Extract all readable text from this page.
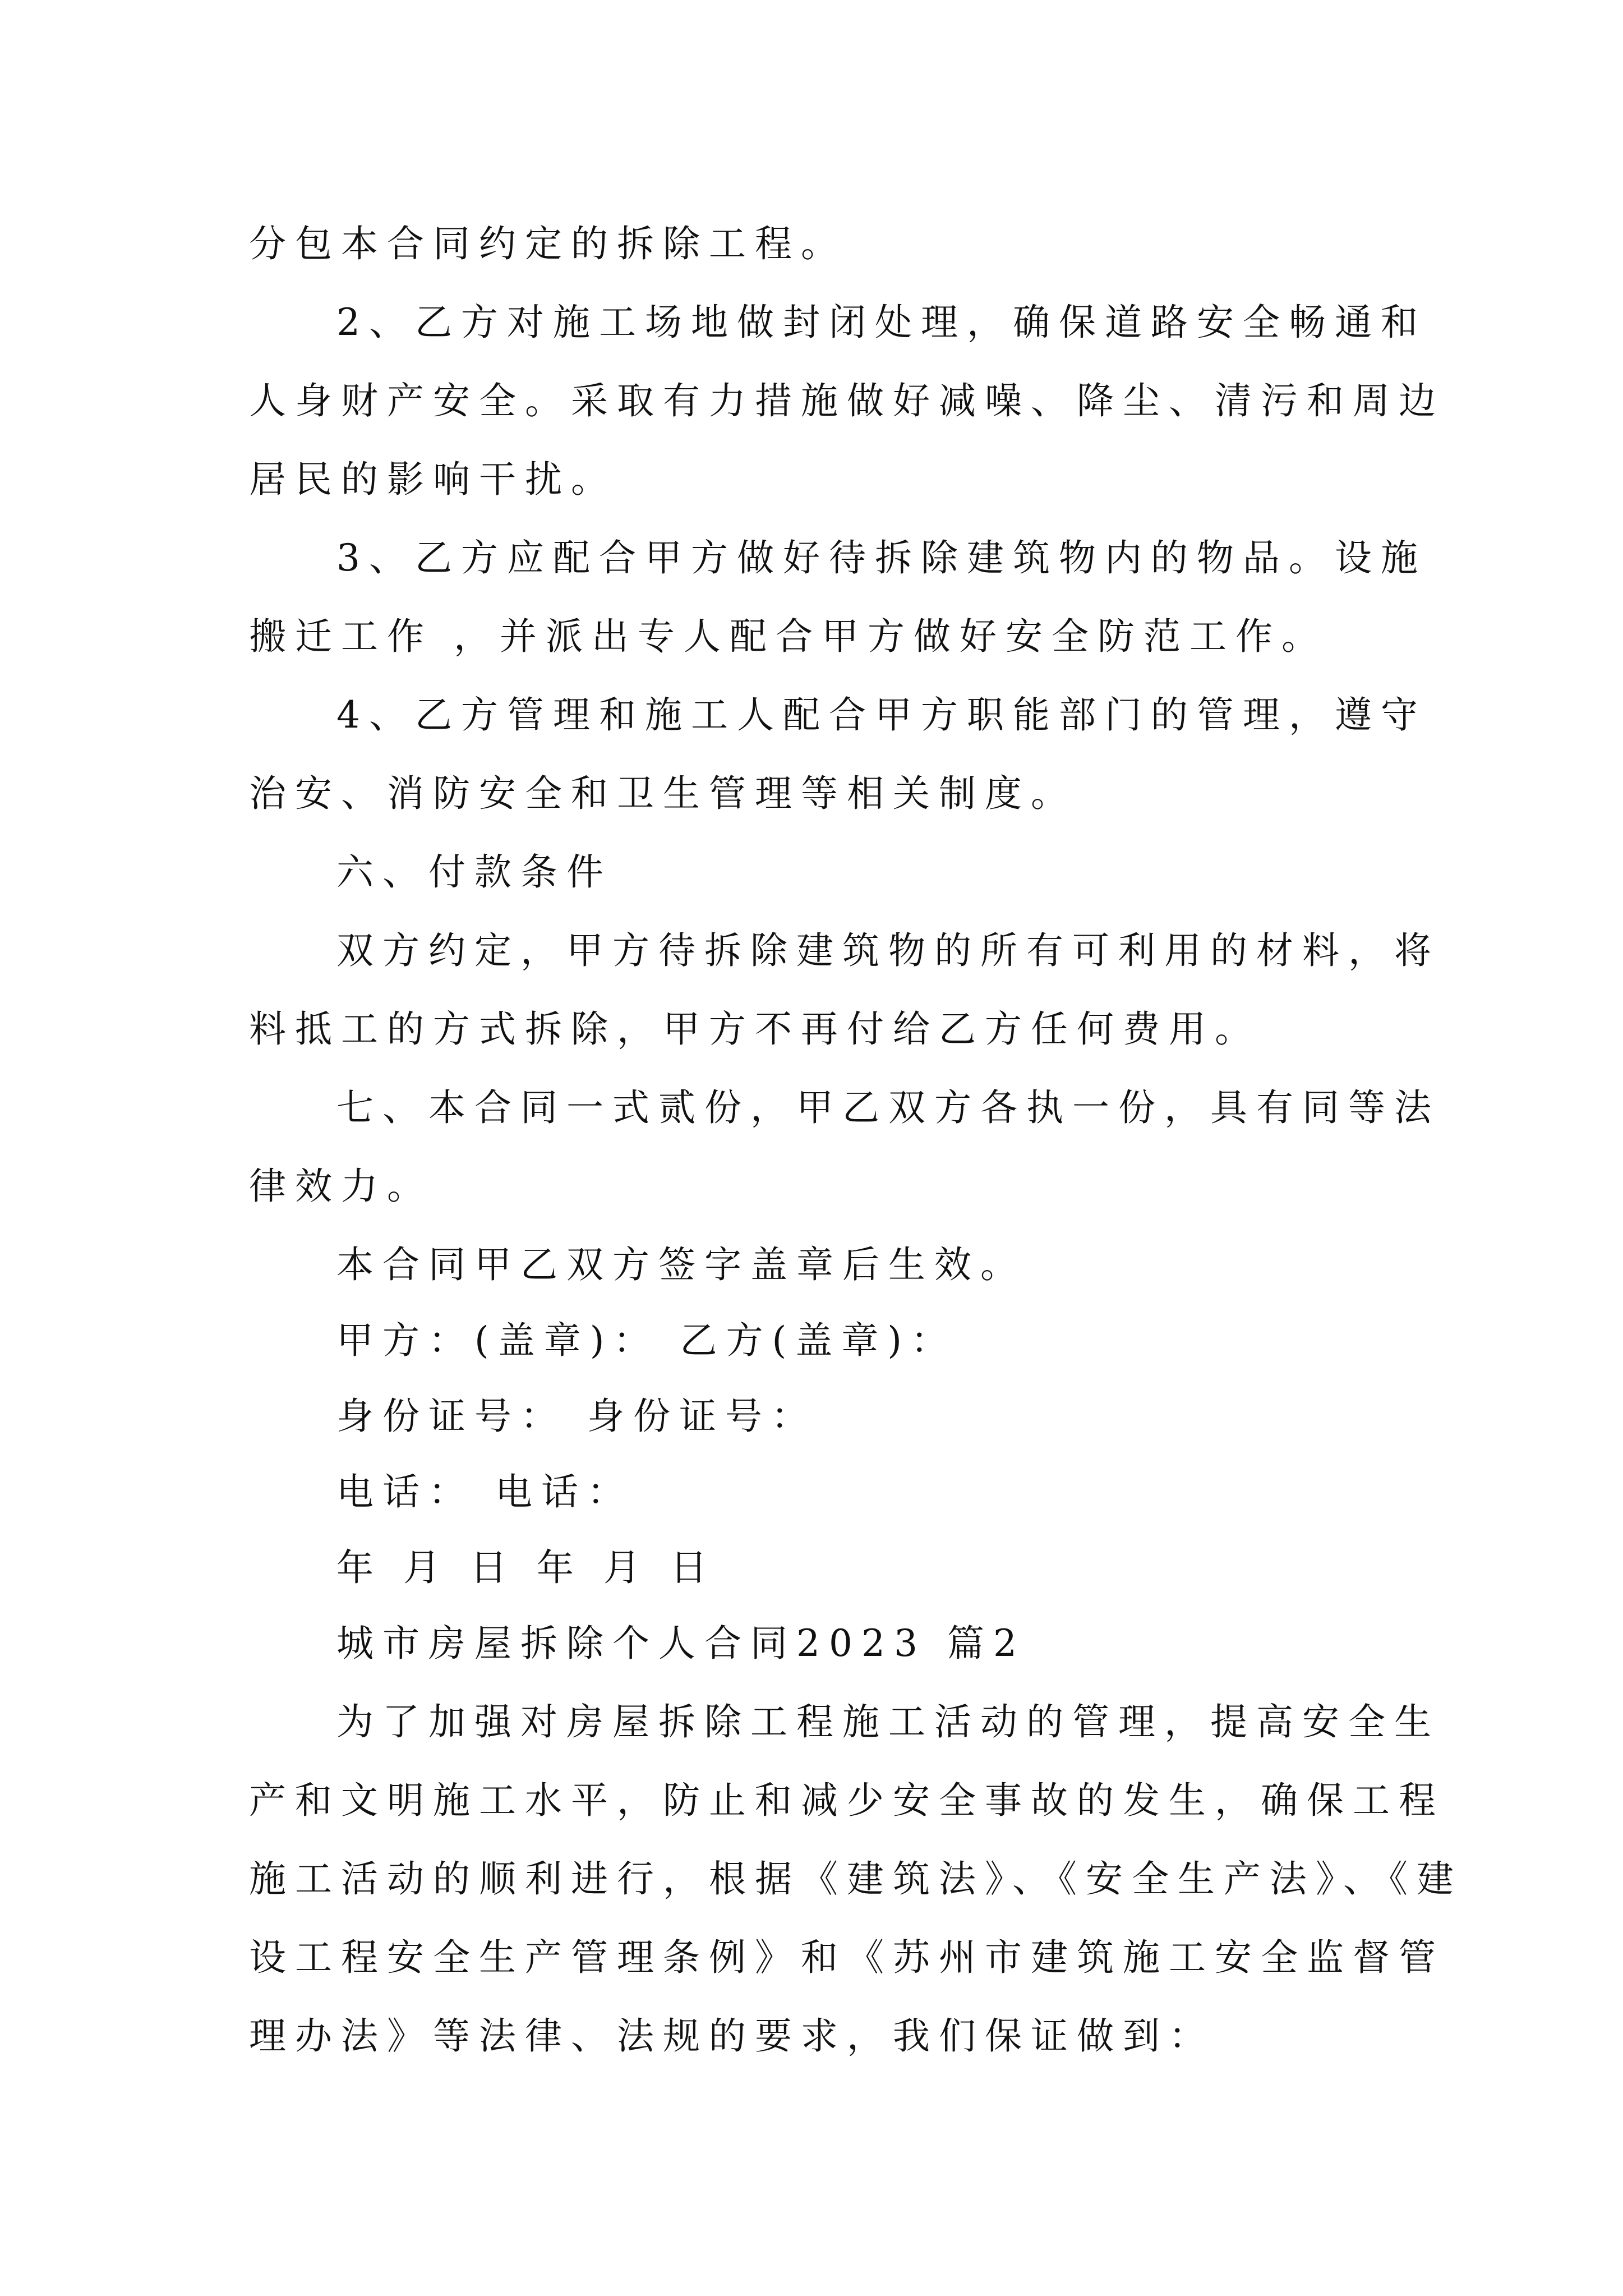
分包本合同约定的拆除工程。
2、乙方对施工场地做封闭处理，确保道路安全畅通和
人身财产安全。采取有力措施做好减噪、降尘、清污和周边
居民的影响干扰。
3、乙方应配合甲方做好待拆除建筑物内的物品。设施
搬迁工作 ，并派出专人配合甲方做好安全防范工作。
4、乙方管理和施工人配合甲方职能部门的管理，遵守
治安、消防安全和卫生管理等相关制度。
六、付款条件
双方约定，甲方待拆除建筑物的所有可利用的材料，将
料抵工的方式拆除，甲方不再付给乙方任何费用。
七、本合同一式贰份，甲乙双方各执一份，具有同等法
律效力。
本合同甲乙双方签字盖章后生效。
甲方：(盖章)： 乙方(盖章)：
身份证号： 身份证号：
电话： 电话：
年 月 日 年 月 日
城市房屋拆除个人合同2023 篇2
为了加强对房屋拆除工程施工活动的管理，提高安全生
产和文明施工水平，防止和减少安全事故的发生，确保工程
施工活动的顺利进行，根据《建筑法》、《安全生产法》、《建
设工程安全生产管理条例》和《苏州市建筑施工安全监督管
理办法》等法律、法规的要求，我们保证做到：
